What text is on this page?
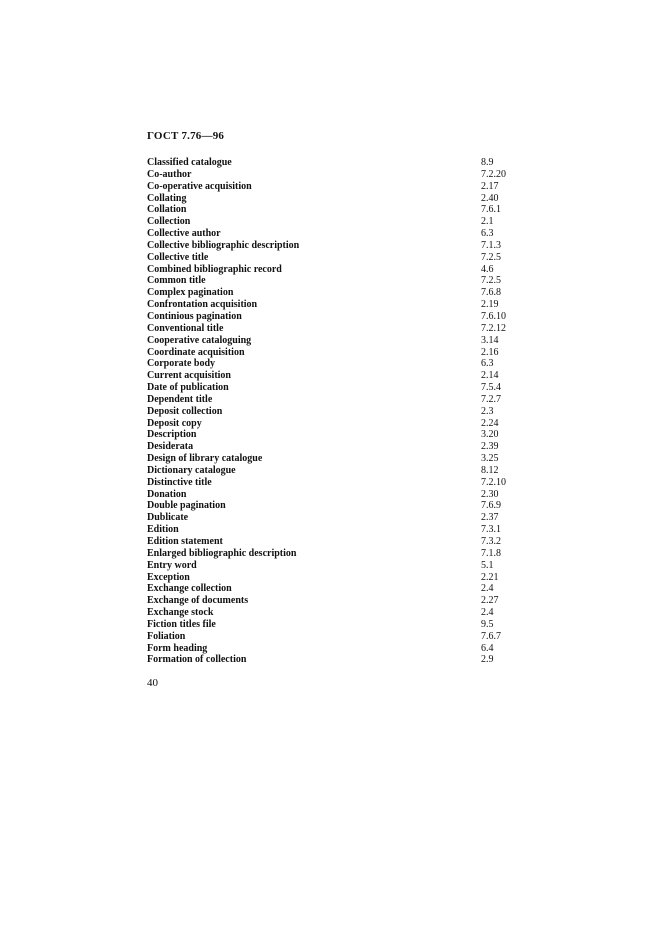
ГОСТ 7.76—96
Classified catalogue	8.9
Co-author	7.2.20
Co-operative acquisition	2.17
Collating	2.40
Collation	7.6.1
Collection	2.1
Collective author	6.3
Collective bibliographic description	7.1.3
Collective title	7.2.5
Combined bibliographic record	4.6
Common title	7.2.5
Complex pagination	7.6.8
Confrontation acquisition	2.19
Continious pagination	7.6.10
Conventional title	7.2.12
Cooperative cataloguing	3.14
Coordinate acquisition	2.16
Corporate body	6.3
Current acquisition	2.14
Date of publication	7.5.4
Dependent title	7.2.7
Deposit collection	2.3
Deposit copy	2.24
Description	3.20
Desiderata	2.39
Design of library catalogue	3.25
Dictionary catalogue	8.12
Distinctive title	7.2.10
Donation	2.30
Double pagination	7.6.9
Dublicate	2.37
Edition	7.3.1
Edition statement	7.3.2
Enlarged bibliographic description	7.1.8
Entry word	5.1
Exception	2.21
Exchange collection	2.4
Exchange of documents	2.27
Exchange stock	2.4
Fiction titles file	9.5
Foliation	7.6.7
Form heading	6.4
Formation of collection	2.9
40
